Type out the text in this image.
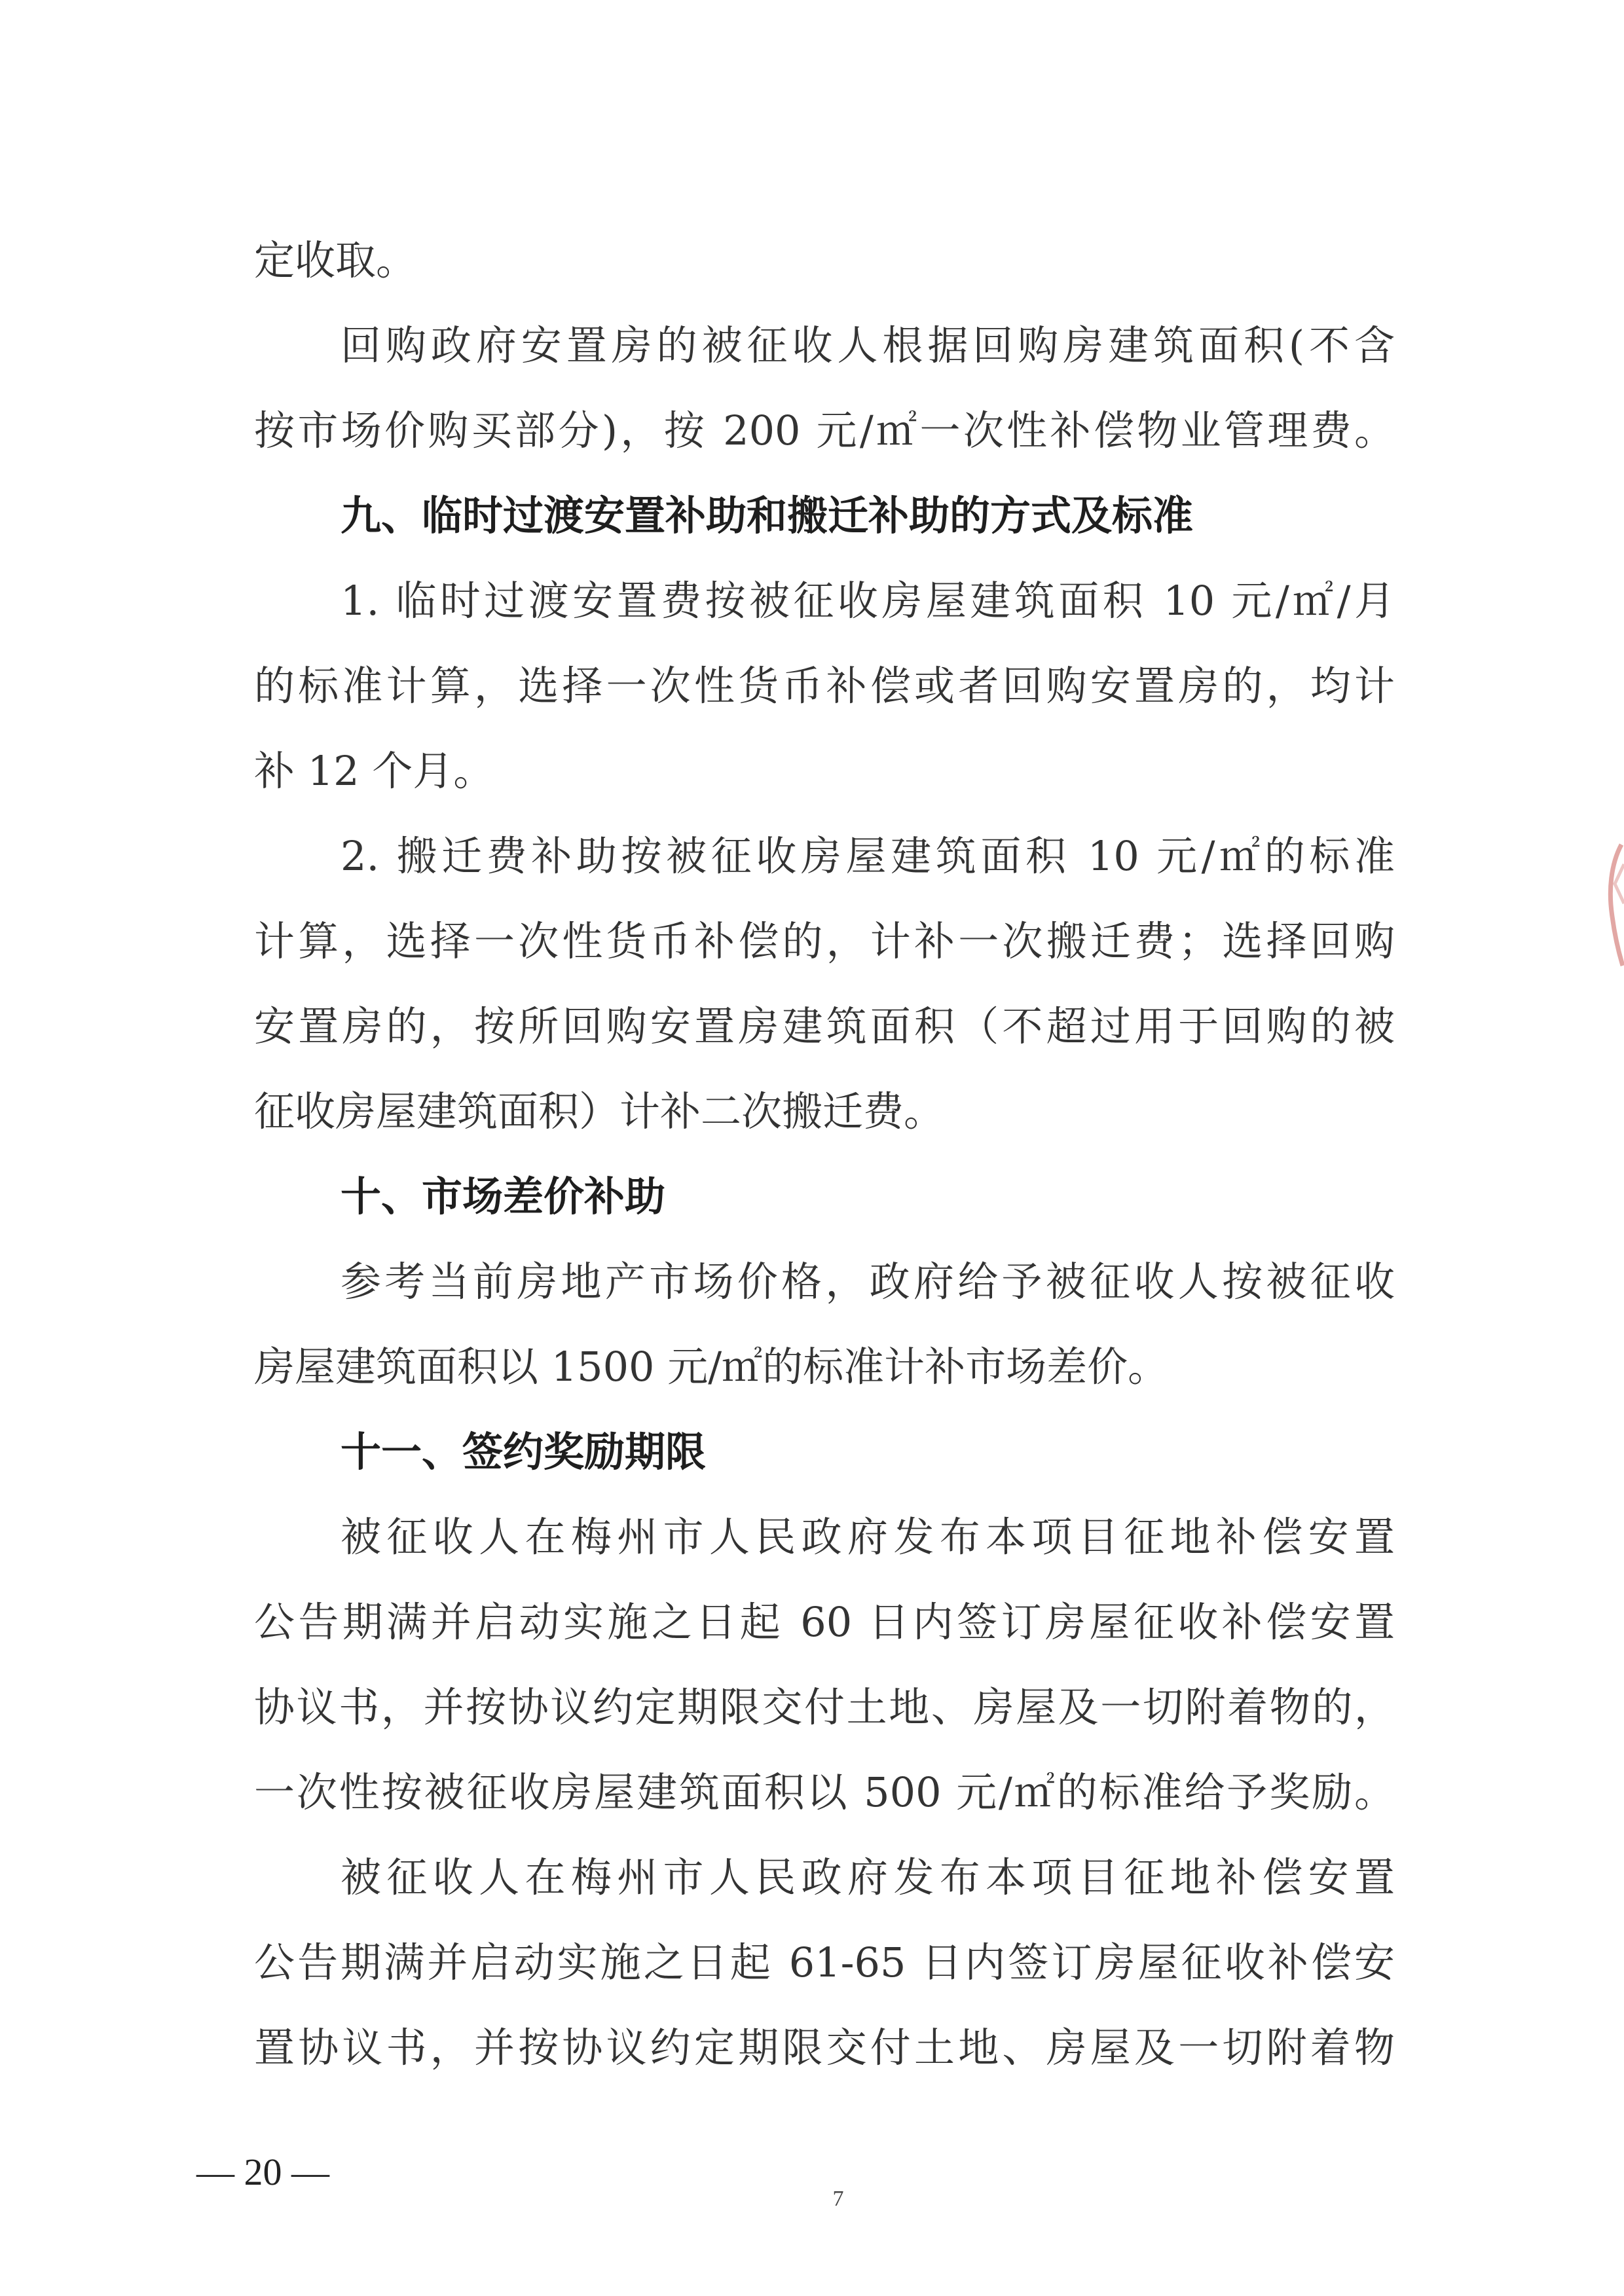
定收取。
回购政府安置房的被征收人根据回购房建筑面积(不含
按市场价购买部分)，按 200 元/㎡一次性补偿物业管理费。
九、临时过渡安置补助和搬迁补助的方式及标准
1. 临时过渡安置费按被征收房屋建筑面积 10 元/㎡/月
的标准计算，选择一次性货币补偿或者回购安置房的，均计
补 12 个月。
2. 搬迁费补助按被征收房屋建筑面积 10 元/㎡的标准
计算，选择一次性货币补偿的，计补一次搬迁费；选择回购
安置房的，按所回购安置房建筑面积（不超过用于回购的被
征收房屋建筑面积）计补二次搬迁费。
十、市场差价补助
参考当前房地产市场价格，政府给予被征收人按被征收
房屋建筑面积以 1500 元/㎡的标准计补市场差价。
十一、签约奖励期限
被征收人在梅州市人民政府发布本项目征地补偿安置
公告期满并启动实施之日起 60 日内签订房屋征收补偿安置
协议书，并按协议约定期限交付土地、房屋及一切附着物的，
一次性按被征收房屋建筑面积以 500 元/㎡的标准给予奖励。
被征收人在梅州市人民政府发布本项目征地补偿安置
公告期满并启动实施之日起 61-65 日内签订房屋征收补偿安
置协议书，并按协议约定期限交付土地、房屋及一切附着物
— 20 —
7
